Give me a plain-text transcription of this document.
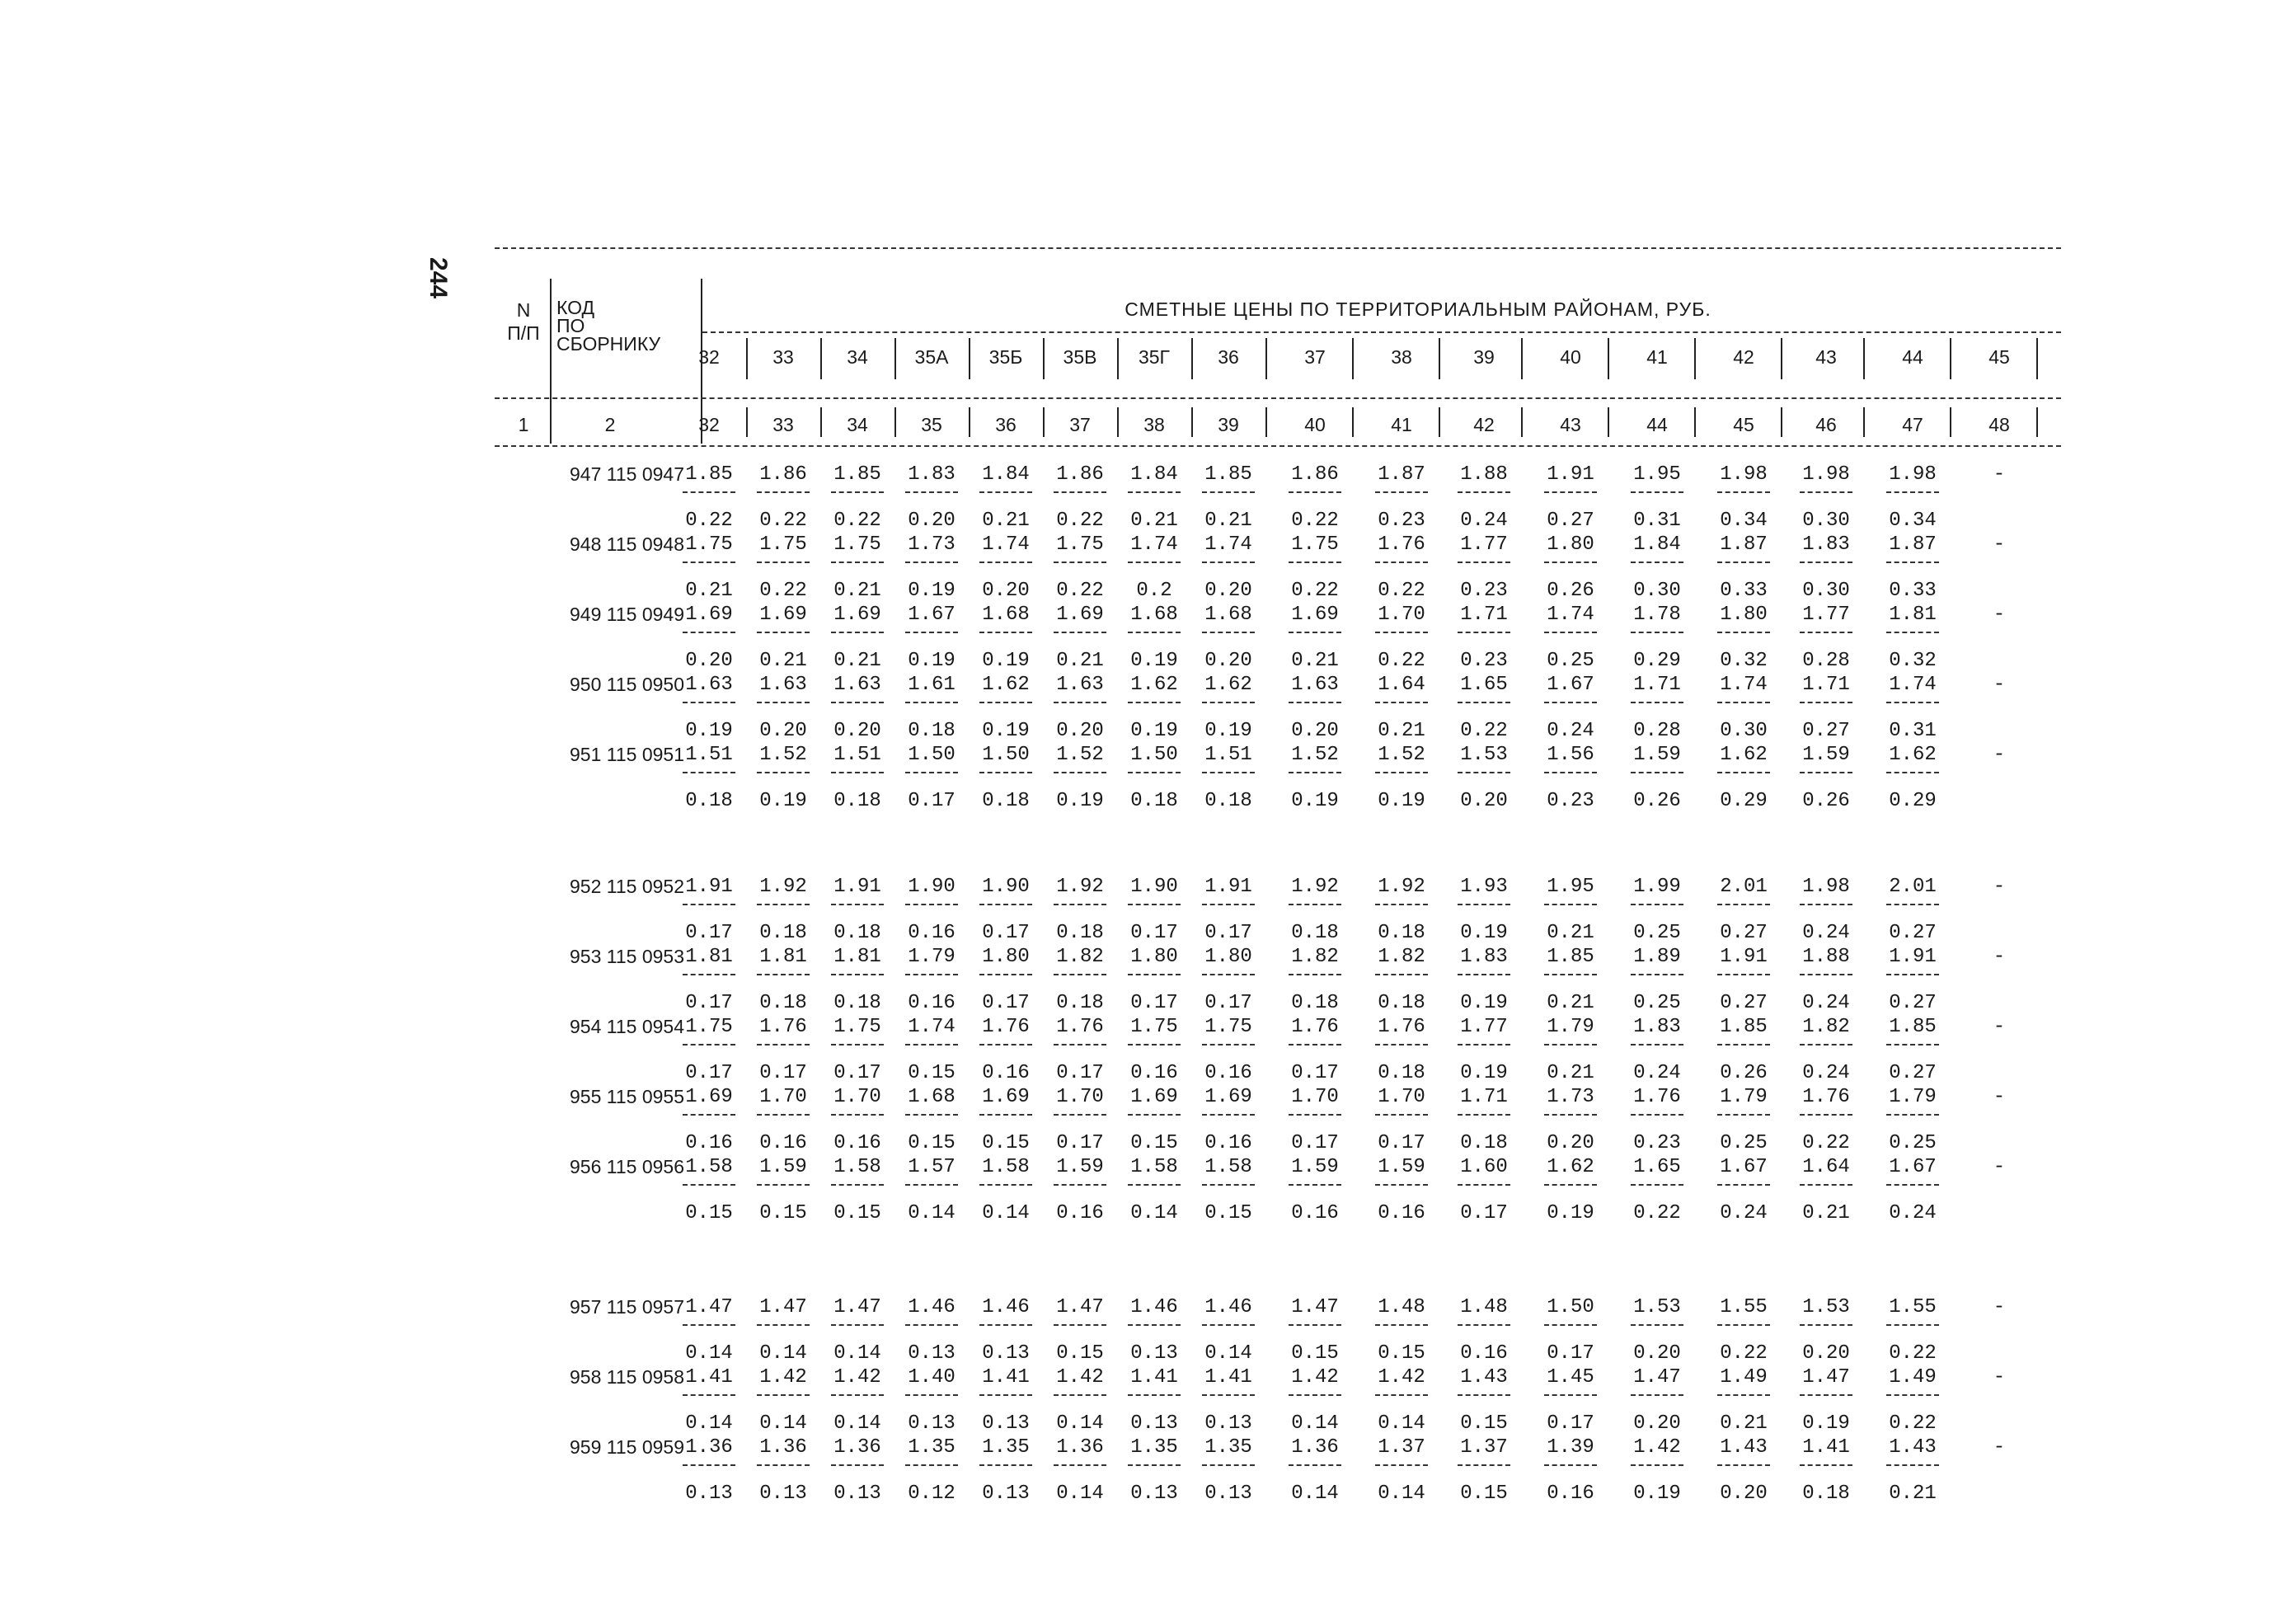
244
N
П/П
КОД
ПО
СБОРНИКУ
СМЕТНЫЕ ЦЕНЫ ПО ТЕРРИТОРИАЛЬНЫМ РАЙОНАМ, РУБ.
32
32
33
33
34
34
35А
35
35Б
36
35В
37
35Г
38
36
39
37
40
38
41
39
42
40
43
41
44
42
45
43
46
44
47
45
48
1	2
947 115 0947 1.85
0.22
1.86
0.22
1.85
0.22
1.83
0.20
1.84
0.21
1.86
0.22
1.84
0.21
1.85
0.21
1.86
0.22
1.87
0.23
1.88
0.24
1.91
0.27
1.95
0.31
1.98
0.34
1.98
0.30
1.98
0.34
-
948 115 0948 1.75
0.21
1.75
0.22
1.75
0.21
1.73
0.19
1.74
0.20
1.75
0.22
1.74
0.2
1.74
0.20
1.75
0.22
1.76
0.22
1.77
0.23
1.80
0.26
1.84
0.30
1.87
0.33
1.83
0.30
1.87
0.33
-
949 115 0949 1.69
0.20
1.69
0.21
1.69
0.21
1.67
0.19
1.68
0.19
1.69
0.21
1.68
0.19
1.68
0.20
1.69
0.21
1.70
0.22
1.71
0.23
1.74
0.25
1.78
0.29
1.80
0.32
1.77
0.28
1.81
0.32
-
950 115 0950 1.63
0.19
1.63
0.20
1.63
0.20
1.61
0.18
1.62
0.19
1.63
0.20
1.62
0.19
1.62
0.19
1.63
0.20
1.64
0.21
1.65
0.22
1.67
0.24
1.71
0.28
1.74
0.30
1.71
0.27
1.74
0.31
-
951 115 0951 1.51
0.18
1.52
0.19
1.51
0.18
1.50
0.17
1.50
0.18
1.52
0.19
1.50
0.18
1.51
0.18
1.52
0.19
1.52
0.19
1.53
0.20
1.56
0.23
1.59
0.26
1.62
0.29
1.59
0.26
1.62
0.29
-
952 115 0952 1.91
0.17
1.92
0.18
1.91
0.18
1.90
0.16
1.90
0.17
1.92
0.18
1.90
0.17
1.91
0.17
1.92
0.18
1.92
0.18
1.93
0.19
1.95
0.21
1.99
0.25
2.01
0.27
1.98
0.24
2.01
0.27
-
953 115 0953 1.81
0.17
1.81
0.18
1.81
0.18
1.79
0.16
1.80
0.17
1.82
0.18
1.80
0.17
1.80
0.17
1.82
0.18
1.82
0.18
1.83
0.19
1.85
0.21
1.89
0.25
1.91
0.27
1.88
0.24
1.91
0.27
-
954 115 0954 1.75
0.17
1.76
0.17
1.75
0.17
1.74
0.15
1.76
0.16
1.76
0.17
1.75
0.16
1.75
0.16
1.76
0.17
1.76
0.18
1.77
0.19
1.79
0.21
1.83
0.24
1.85
0.26
1.82
0.24
1.85
0.27
-
955 115 0955 1.69
0.16
1.70
0.16
1.70
0.16
1.68
0.15
1.69
0.15
1.70
0.17
1.69
0.15
1.69
0.16
1.70
0.17
1.70
0.17
1.71
0.18
1.73
0.20
1.76
0.23
1.79
0.25
1.76
0.22
1.79
0.25
-
956 115 0956 1.58
0.15
1.59
0.15
1.58
0.15
1.57
0.14
1.58
0.14
1.59
0.16
1.58
0.14
1.58
0.15
1.59
0.16
1.59
0.16
1.60
0.17
1.62
0.19
1.65
0.22
1.67
0.24
1.64
0.21
1.67
0.24
-
957 115 0957 1.47
0.14
1.47
0.14
1.47
0.14
1.46
0.13
1.46
0.13
1.47
0.15
1.46
0.13
1.46
0.14
1.47
0.15
1.48
0.15
1.48
0.16
1.50
0.17
1.53
0.20
1.55
0.22
1.53
0.20
1.55
0.22
-
958 115 0958 1.41
0.14
1.42
0.14
1.42
0.14
1.40
0.13
1.41
0.13
1.42
0.14
1.41
0.13
1.41
0.13
1.42
0.14
1.42
0.14
1.43
0.15
1.45
0.17
1.47
0.20
1.49
0.21
1.47
0.19
1.49
0.22
-
959 115 0959 1.36
0.13
1.36
0.13
1.36
0.13
1.35
0.12
1.35
0.13
1.36
0.14
1.35
0.13
1.35
0.13
1.36
0.14
1.37
0.14
1.37
0.15
1.39
0.16
1.42
0.19
1.43
0.20
1.41
0.18
1.43
0.21
-
